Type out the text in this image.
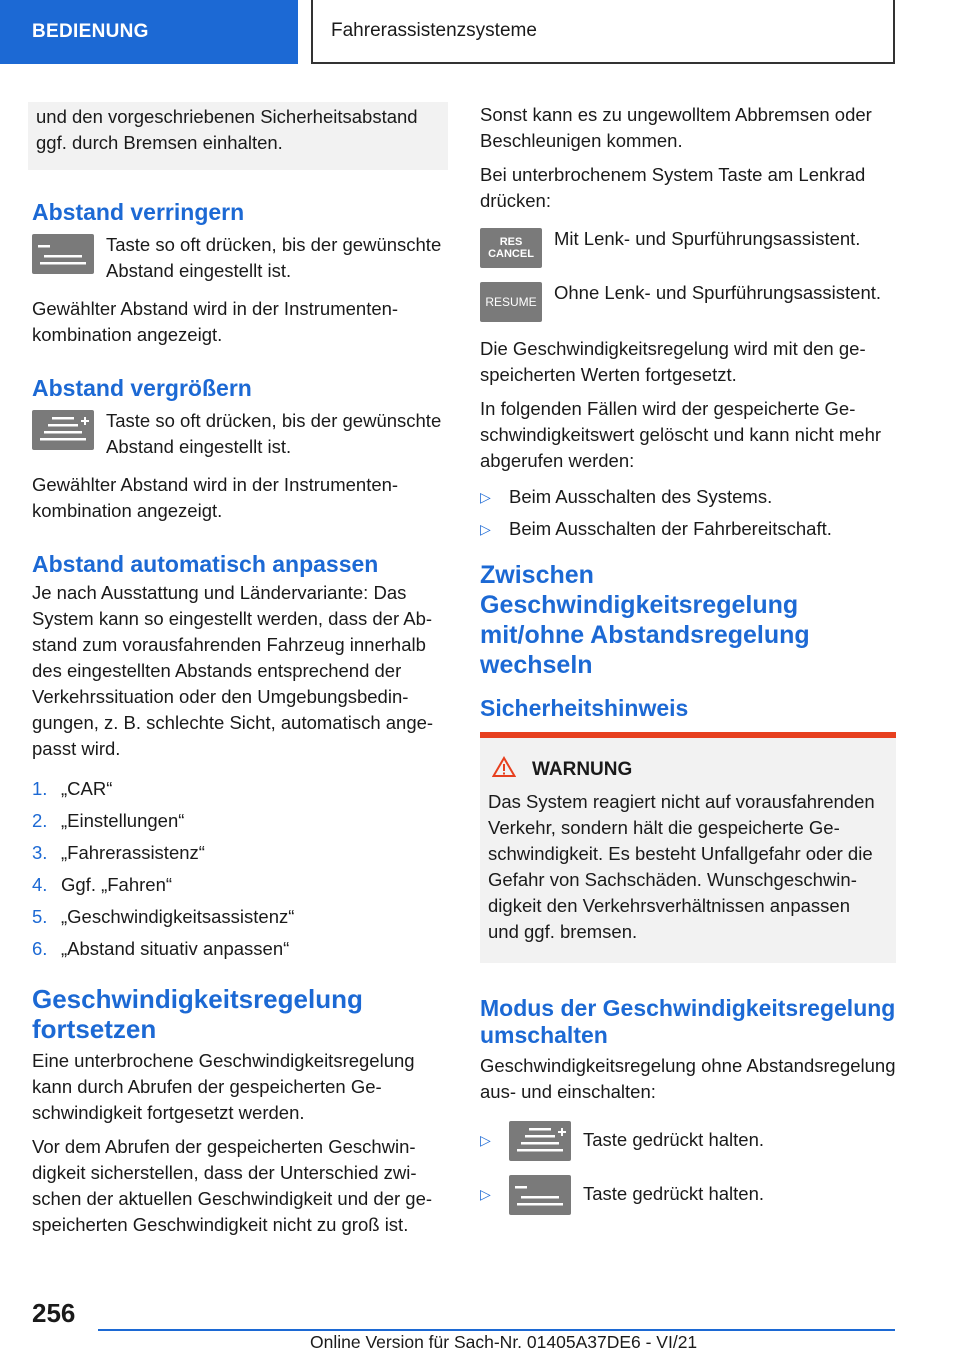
BEDIENUNG	Fahrerassistenzsysteme
und den vorgeschriebenen Sicherheitsabstand ggf. durch Bremsen einhalten.
Abstand verringern
Taste so oft drücken, bis der gewünschte Abstand eingestellt ist.

Gewählter Abstand wird in der Instrumentenkombination angezeigt.

Abstand vergrößern
Taste so oft drücken, bis der gewünschte Abstand eingestellt ist.

Gewählter Abstand wird in der Instrumentenkombination angezeigt.

Abstand automatisch anpassen

Je nach Ausstattung und Ländervariante: Das System kann so eingestellt werden, dass der Abstand zum vorausfahrenden Fahrzeug innerhalb des eingestellten Abstands entsprechend der Verkehrssituation oder den Umgebungsbedingungen, z. B. schlechte Sicht, automatisch angepasst wird.

1. „CAR“
2. „Einstellungen“
3. „Fahrerassistenz“
4. Ggf. „Fahren“
5. „Geschwindigkeitsassistenz“
6. „Abstand situativ anpassen“
Geschwindigkeitsregelung fortsetzen

Eine unterbrochene Geschwindigkeitsregelung kann durch Abrufen der gespeicherten Geschwindigkeit fortgesetzt werden.

Vor dem Abrufen der gespeicherten Geschwindigkeit sicherstellen, dass der Unterschied zwischen der aktuellen Geschwindigkeit und der gespeicherten Geschwindigkeit nicht zu groß ist.

Sonst kann es zu ungewolltem Abbremsen oder Beschleunigen kommen.

Bei unterbrochenem System Taste am Lenkrad drücken:

RES
CANCEL
Mit Lenk- und Spurführungsassistent.
RESUME Ohne Lenk- und Spurführungsassistent.

Die Geschwindigkeitsregelung wird mit den gespeicherten Werten fortgesetzt.

In folgenden Fällen wird der gespeicherte Geschwindigkeitswert gelöscht und kann nicht mehr abgerufen werden:

▷ Beim Ausschalten des Systems.
▷ Beim Ausschalten der Fahrbereitschaft.
Zwischen Geschwindigkeitsregelung mit/ohne Abstandsregelung wechseln
Sicherheitshinweis
WARNUNG

Das System reagiert nicht auf vorausfahrenden Verkehr, sondern hält die gespeicherte Geschwindigkeit. Es besteht Unfallgefahr oder die Gefahr von Sachschäden. Wunschgeschwindigkeit den Verkehrsverhältnissen anpassen und ggf. bremsen.

Modus der Geschwindigkeitsregelung umschalten

Geschwindigkeitsregelung ohne Abstandsregelung aus- und einschalten:

▷	Taste gedrückt halten.
▷	Taste gedrückt halten.
256
Online Version für Sach-Nr. 01405A37DE6 - VI/21
